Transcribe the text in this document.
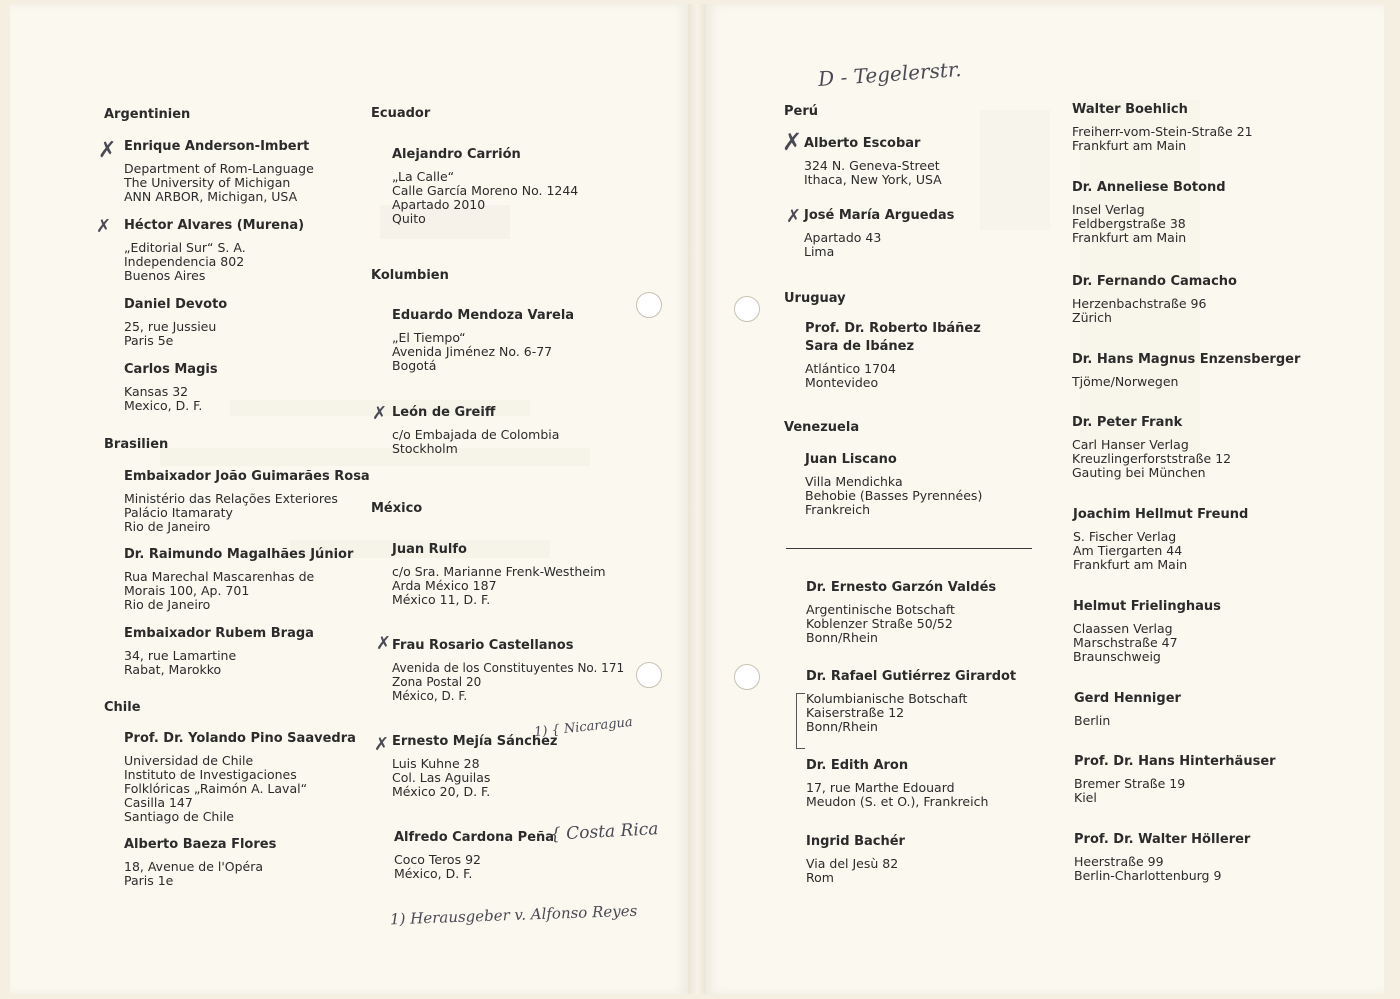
Argentinien
Enrique Anderson-Imbert
Department of Rom-Language
The University of Michigan
ANN ARBOR, Michigan, USA
Héctor Alvares (Murena)
„Editorial Sur“ S. A.
Independencia 802
Buenos Aires
Daniel Devoto
25, rue Jussieu
Paris 5e
Carlos Magis
Kansas 32
Mexico, D. F.
Brasilien
Embaixador João Guimarães Rosa
Ministério das Relações Exteriores
Palácio Itamaraty
Rio de Janeiro
Dr. Raimundo Magalhães Júnior
Rua Marechal Mascarenhas de
Morais 100, Ap. 701
Rio de Janeiro
Embaixador Rubem Braga
34, rue Lamartine
Rabat, Marokko
Chile
Prof. Dr. Yolando Pino Saavedra
Universidad de Chile
Instituto de Investigaciones
Folklóricas „Raimón A. Laval“
Casilla 147
Santiago de Chile
Alberto Baeza Flores
18, Avenue de l'Opéra
Paris 1e
Ecuador
Alejandro Carrión
„La Calle“
Calle García Moreno No. 1244
Apartado 2010
Quito
Kolumbien
Eduardo Mendoza Varela
„El Tiempo“
Avenida Jiménez No. 6-77
Bogotá
León de Greiff
c/o Embajada de Colombia
Stockholm
México
Juan Rulfo
c/o Sra. Marianne Frenk-Westheim
Arda México 187
México 11, D. F.
Frau Rosario Castellanos
Avenida de los Constituyentes No. 171
Zona Postal 20
México, D. F.
Ernesto Mejía Sánchez
Luis Kuhne 28
Col. Las Aguilas
México 20, D. F.
Alfredo Cardona Peña
Coco Teros 92
México, D. F.
Perú
Alberto Escobar
324 N. Geneva-Street
Ithaca, New York, USA
José María Arguedas
Apartado 43
Lima
Uruguay
Prof. Dr. Roberto Ibáñez
Sara de Ibánez
Atlántico 1704
Montevideo
Venezuela
Juan Liscano
Villa Mendichka
Behobie (Basses Pyrennées)
Frankreich
Dr. Ernesto Garzón Valdés
Argentinische Botschaft
Koblenzer Straße 50/52
Bonn/Rhein
Dr. Rafael Gutiérrez Girardot
Kolumbianische Botschaft
Kaiserstraße 12
Bonn/Rhein
Dr. Edith Aron
17, rue Marthe Edouard
Meudon (S. et O.), Frankreich
Ingrid Bachér
Via del Jesù 82
Rom
Walter Boehlich
Freiherr-vom-Stein-Straße 21
Frankfurt am Main
Dr. Anneliese Botond
Insel Verlag
Feldbergstraße 38
Frankfurt am Main
Dr. Fernando Camacho
Herzenbachstraße 96
Zürich
Dr. Hans Magnus Enzensberger
Tjöme/Norwegen
Dr. Peter Frank
Carl Hanser Verlag
Kreuzlingerforststraße 12
Gauting bei München
Joachim Hellmut Freund
S. Fischer Verlag
Am Tiergarten 44
Frankfurt am Main
Helmut Frielinghaus
Claassen Verlag
Marschstraße 47
Braunschweig
Gerd Henniger
Berlin
Prof. Dr. Hans Hinterhäuser
Bremer Straße 19
Kiel
Prof. Dr. Walter Höllerer
Heerstraße 99
Berlin-Charlottenburg 9
✗
✗
✗
✗
✗
✗
✗
D - Tegelerstr.
1) { Nicaragua
{ Costa Rica
1) Herausgeber v. Alfonso Reyes
